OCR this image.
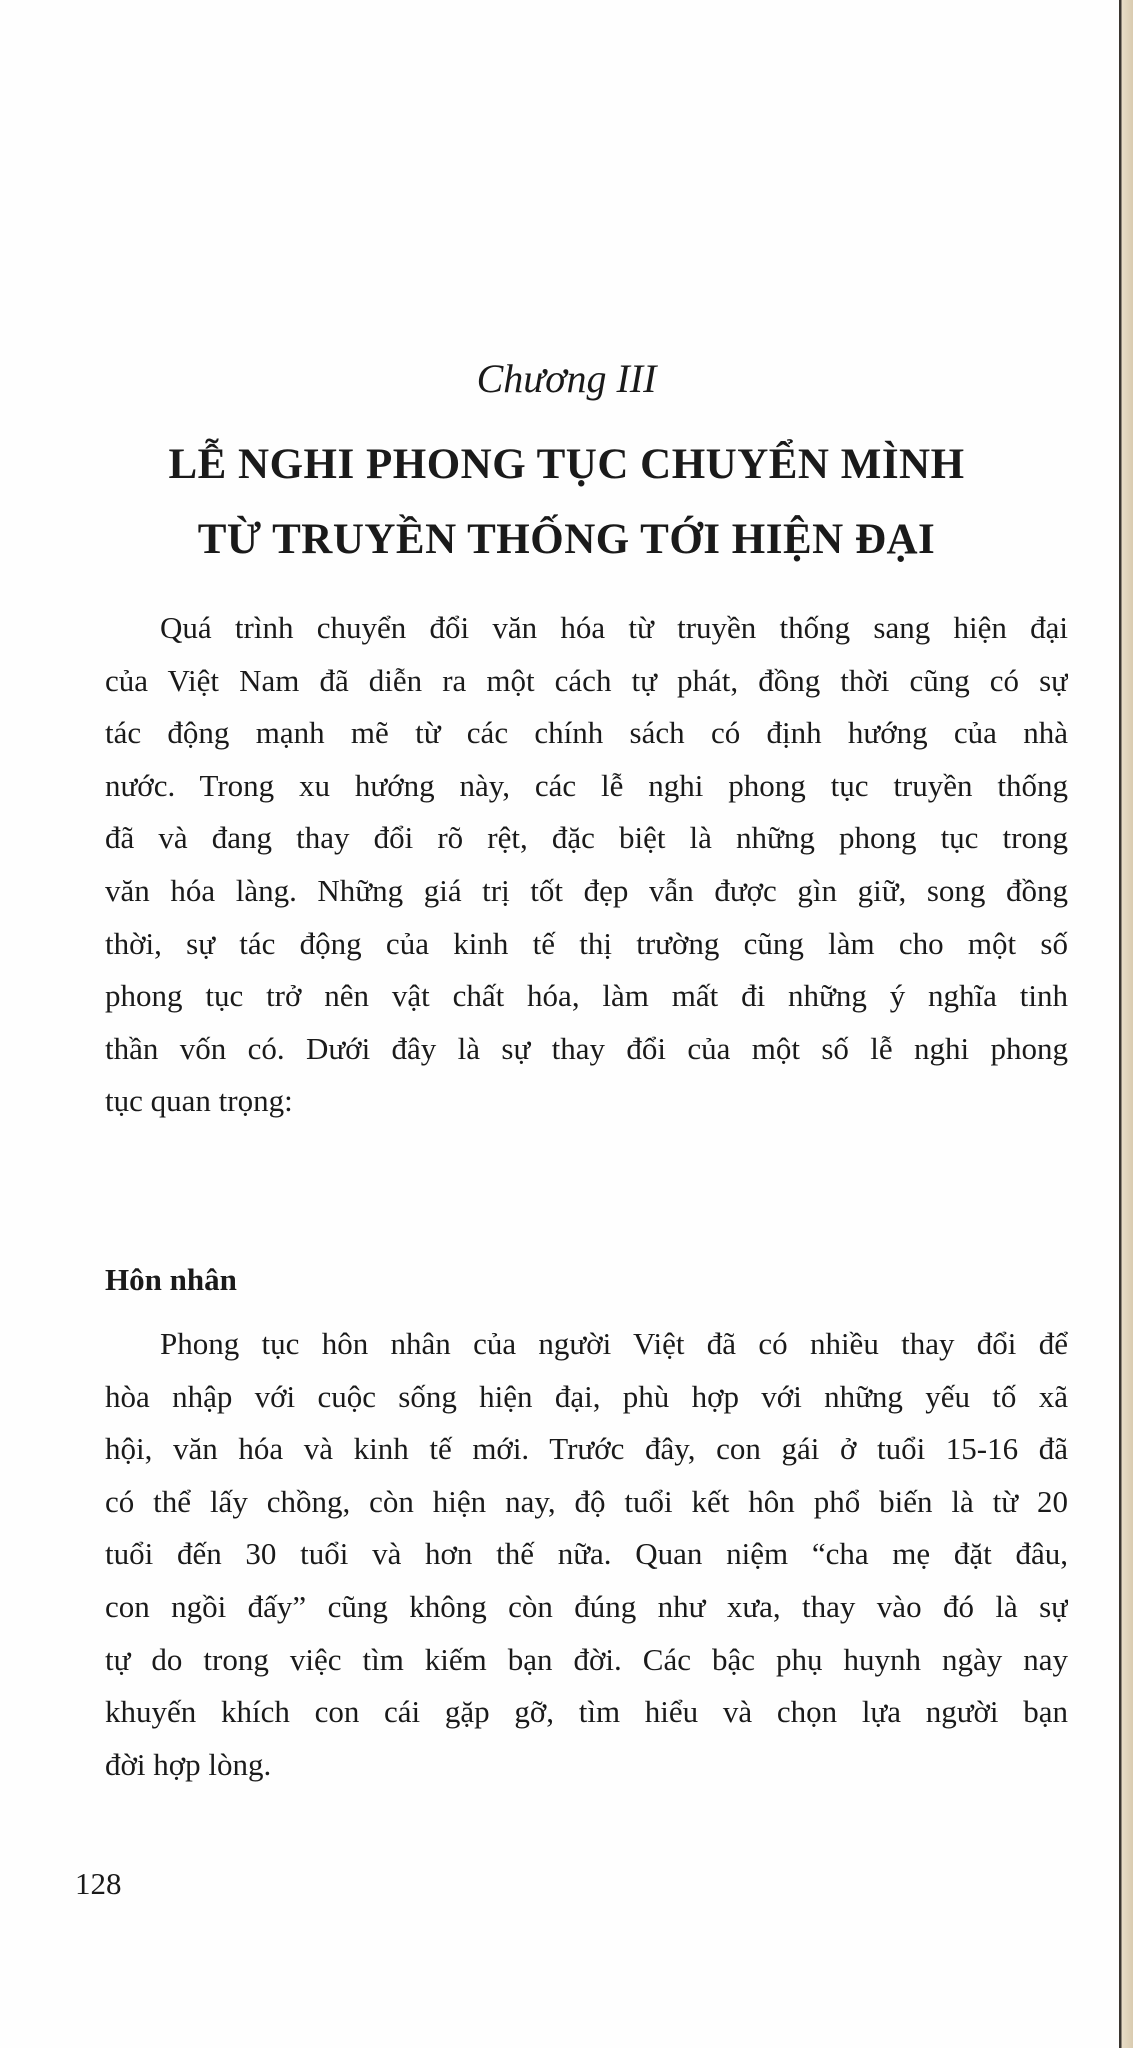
Chương III
LỄ NGHI PHONG TỤC CHUYỂN MÌNH
TỪ TRUYỀN THỐNG TỚI HIỆN ĐẠI
Quá trình chuyển đổi văn hóa từ truyền thống sang hiện đại
của Việt Nam đã diễn ra một cách tự phát, đồng thời cũng có sự
tác động mạnh mẽ từ các chính sách có định hướng của nhà
nước. Trong xu hướng này, các lễ nghi phong tục truyền thống
đã và đang thay đổi rõ rệt, đặc biệt là những phong tục trong
văn hóa làng. Những giá trị tốt đẹp vẫn được gìn giữ, song đồng
thời, sự tác động của kinh tế thị trường cũng làm cho một số
phong tục trở nên vật chất hóa, làm mất đi những ý nghĩa tinh
thần vốn có. Dưới đây là sự thay đổi của một số lễ nghi phong
tục quan trọng:
Hôn nhân
Phong tục hôn nhân của người Việt đã có nhiều thay đổi để
hòa nhập với cuộc sống hiện đại, phù hợp với những yếu tố xã
hội, văn hóa và kinh tế mới. Trước đây, con gái ở tuổi 15-16 đã
có thể lấy chồng, còn hiện nay, độ tuổi kết hôn phổ biến là từ 20
tuổi đến 30 tuổi và hơn thế nữa. Quan niệm “cha mẹ đặt đâu,
con ngồi đấy” cũng không còn đúng như xưa, thay vào đó là sự
tự do trong việc tìm kiếm bạn đời. Các bậc phụ huynh ngày nay
khuyến khích con cái gặp gỡ, tìm hiểu và chọn lựa người bạn
đời hợp lòng.
128
